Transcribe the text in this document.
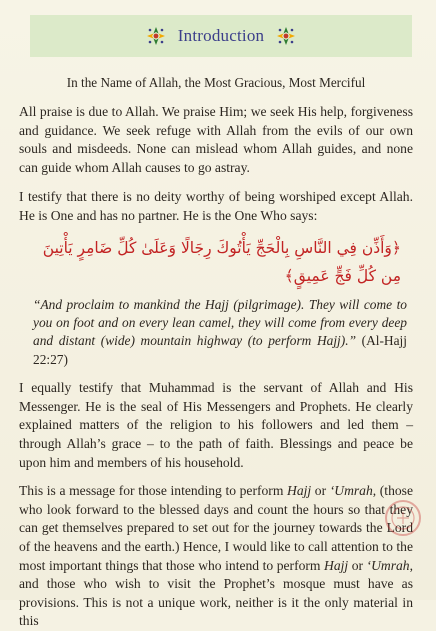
Introduction
In the Name of Allah, the Most Gracious, Most Merciful

All praise is due to Allah. We praise Him; we seek His help, forgiveness and guidance. We seek refuge with Allah from the evils of our own souls and misdeeds. None can mislead whom Allah guides, and none can guide whom Allah causes to go astray.

I testify that there is no deity worthy of being worshiped except Allah. He is One and has no partner. He is the One Who says:

﴿وَأَذِّن فِي النَّاسِ بِالْحَجِّ يَأْتُوكَ رِجَالًا وَعَلَىٰ كُلِّ ضَامِرٍ يَأْتِينَ مِن كُلِّ فَجٍّ عَمِيقٍ﴾
“And proclaim to mankind the Hajj (pilgrimage). They will come to you on foot and on every lean camel, they will come from every deep and distant (wide) mountain highway (to perform Hajj).” (Al-Hajj 22:27)

I equally testify that Muhammad is the servant of Allah and His Messenger. He is the seal of His Messengers and Prophets. He clearly explained matters of the religion to his followers and led them – through Allah’s grace – to the path of faith. Blessings and peace be upon him and members of his household.

This is a message for those intending to perform Hajj or ‘Umrah, (those who look forward to the blessed days and count the hours so that they can get themselves prepared to set out for the journey towards the Lord of the heavens and the earth.) Hence, I would like to call attention to the most important things that those who intend to perform Hajj or ‘Umrah, and those who wish to visit the Prophet’s mosque must have as provisions. This is not a unique work, neither is it the only material in this
